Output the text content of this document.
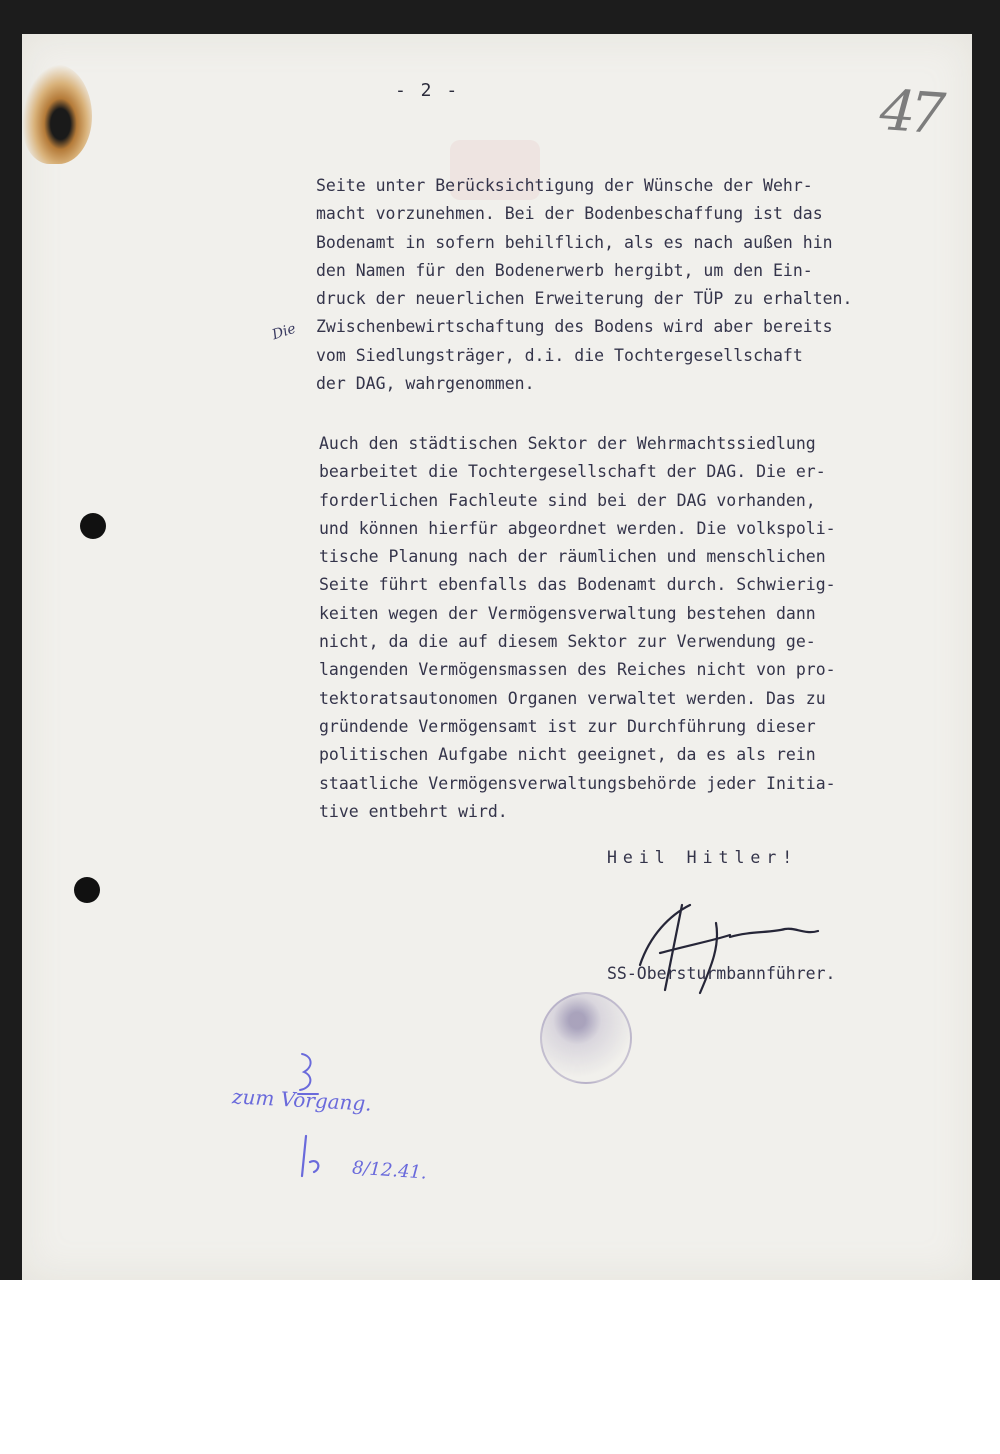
- 2 -	47
Die
Seite unter Berücksichtigung der Wünsche der Wehr-
macht vorzunehmen. Bei der Bodenbeschaffung ist das
Bodenamt in sofern behilflich, als es nach außen hin
den Namen für den Bodenerwerb hergibt, um den Ein-
druck der neuerlichen Erweiterung der TÜP zu erhalten.
Zwischenbewirtschaftung des Bodens wird aber bereits
vom Siedlungsträger, d.i. die Tochtergesellschaft
der DAG, wahrgenommen.
Auch den städtischen Sektor der Wehrmachtssiedlung
bearbeitet die Tochtergesellschaft der DAG. Die er-
forderlichen Fachleute sind bei der DAG vorhanden,
und können hierfür abgeordnet werden. Die volkspoli-
tische Planung nach der räumlichen und menschlichen
Seite führt ebenfalls das Bodenamt durch. Schwierig-
keiten wegen der Vermögensverwaltung bestehen dann
nicht, da die auf diesem Sektor zur Verwendung ge-
langenden Vermögensmassen des Reiches nicht von pro-
tektoratsautonomen Organen verwaltet werden. Das zu
gründende Vermögensamt ist zur Durchführung dieser
politischen Aufgabe nicht geeignet, da es als rein
staatliche Vermögensverwaltungsbehörde jeder Initia-
tive entbehrt wird.
Heil Hitler!
SS-Obersturmbannführer.
zum Vorgang.
8/12.41.
